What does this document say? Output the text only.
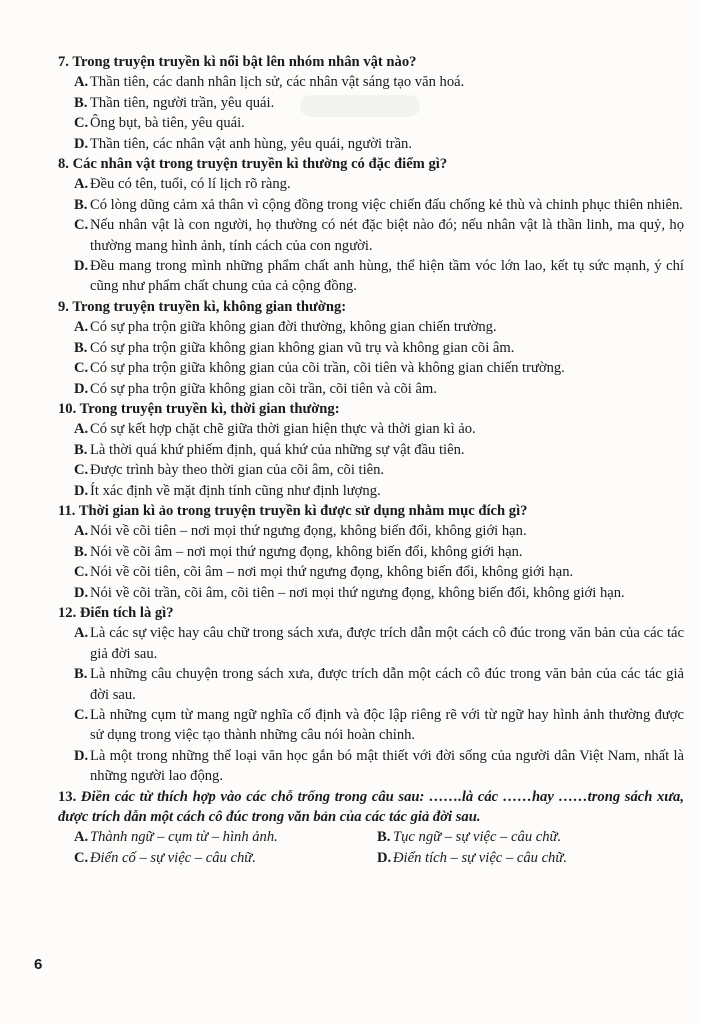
7. Trong truyện truyền kì nổi bật lên nhóm nhân vật nào?
A. Thần tiên, các danh nhân lịch sử, các nhân vật sáng tạo văn hoá.
B. Thần tiên, người trần, yêu quái.
C. Ông bụt, bà tiên, yêu quái.
D. Thần tiên, các nhân vật anh hùng, yêu quái, người trần.
8. Các nhân vật trong truyện truyền kì thường có đặc điểm gì?
A. Đều có tên, tuổi, có lí lịch rõ ràng.
B. Có lòng dũng cảm xả thân vì cộng đồng trong việc chiến đấu chống kẻ thù và chinh phục thiên nhiên.
C. Nếu nhân vật là con người, họ thường có nét đặc biệt nào đó; nếu nhân vật là thần linh, ma quỷ, họ thường mang hình ảnh, tính cách của con người.
D. Đều mang trong mình những phẩm chất anh hùng, thể hiện tầm vóc lớn lao, kết tụ sức mạnh, ý chí cũng như phẩm chất chung của cả cộng đồng.
9. Trong truyện truyền kì, không gian thường:
A. Có sự pha trộn giữa không gian đời thường, không gian chiến trường.
B. Có sự pha trộn giữa không gian không gian vũ trụ và không gian cõi âm.
C. Có sự pha trộn giữa không gian của cõi trần, cõi tiên và không gian chiến trường.
D. Có sự pha trộn giữa không gian cõi trần, cõi tiên và cõi âm.
10. Trong truyện truyền kì, thời gian thường:
A. Có sự kết hợp chặt chẽ giữa thời gian hiện thực và thời gian kì ảo.
B. Là thời quá khứ phiếm định, quá khứ của những sự vật đầu tiên.
C. Được trình bày theo thời gian của cõi âm, cõi tiên.
D. Ít xác định về mặt định tính cũng như định lượng.
11. Thời gian kì ảo trong truyện truyền kì được sử dụng nhằm mục đích gì?
A. Nói về cõi tiên – nơi mọi thứ ngưng đọng, không biến đổi, không giới hạn.
B. Nói về cõi âm – nơi mọi thứ ngưng đọng, không biến đổi, không giới hạn.
C. Nói về cõi tiên, cõi âm – nơi mọi thứ ngưng đọng, không biến đổi, không giới hạn.
D. Nói về cõi trần, cõi âm, cõi tiên – nơi mọi thứ ngưng đọng, không biến đổi, không giới hạn.
12. Điển tích là gì?
A. Là các sự việc hay câu chữ trong sách xưa, được trích dẫn một cách cô đúc trong văn bản của các tác giả đời sau.
B. Là những câu chuyện trong sách xưa, được trích dẫn một cách cô đúc trong văn bản của các tác giả đời sau.
C. Là những cụm từ mang ngữ nghĩa cố định và độc lập riêng rẽ với từ ngữ hay hình ảnh thường được sử dụng trong việc tạo thành những câu nói hoàn chỉnh.
D. Là một trong những thể loại văn học gắn bó mật thiết với đời sống của người dân Việt Nam, nhất là những người lao động.
13. Điền các từ thích hợp vào các chỗ trống trong câu sau: …….là các ……hay ……trong sách xưa, được trích dẫn một cách cô đúc trong văn bản của các tác giả đời sau.
A. Thành ngữ – cụm từ – hình ảnh.	B. Tục ngữ – sự việc – câu chữ.
C. Điển cố – sự việc – câu chữ.	D. Điển tích – sự việc – câu chữ.
6
